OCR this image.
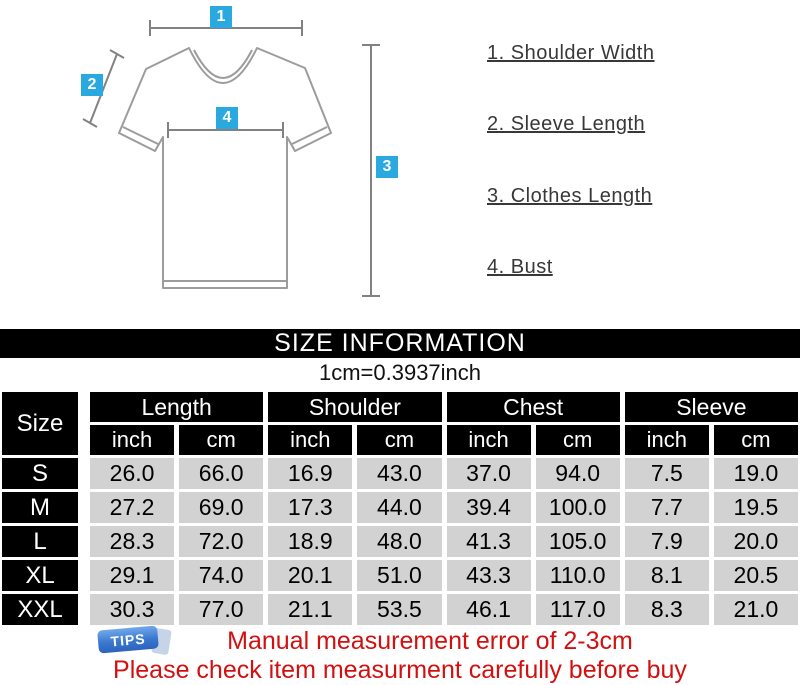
1
2
3
4
1. Shoulder Width
2. Sleeve Length
3. Clothes Length
4. Bust
SIZE INFORMATION
1cm=0.3937inch
Size
Length	Shoulder	Chest	Sleeve
inch	cm	inch	cm	inch	cm	inch	cm
S	26.0	66.0	16.9	43.0	37.0	94.0	7.5	19.0
M	27.2	69.0	17.3	44.0	39.4	100.0	7.7	19.5
L	28.3	72.0	18.9	48.0	41.3	105.0	7.9	20.0
XL	29.1	74.0	20.1	51.0	43.3	110.0	8.1	20.5
XXL	30.3	77.0	21.1	53.5	46.1	117.0	8.3	21.0
TIPS	Manual measurement error of 2-3cm
Please check item measurment carefully before buy
